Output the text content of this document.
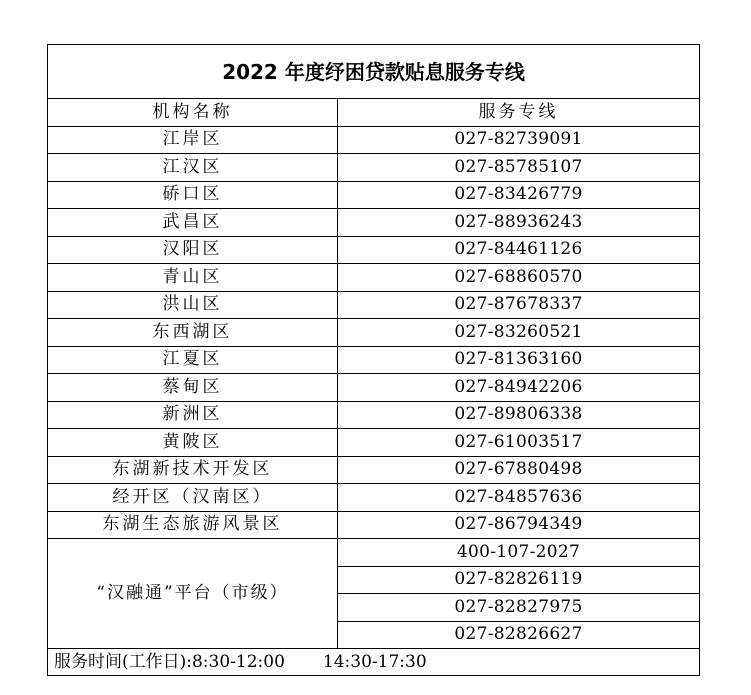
2022 年度纾困贷款贴息服务专线	
机构名称	服务专线
江岸区	027-82739091
江汉区	027-85785107
硚口区	027-83426779
武昌区	027-88936243
汉阳区	027-84461126
青山区	027-68860570
洪山区	027-87678337
东西湖区	027-83260521
江夏区	027-81363160
蔡甸区	027-84942206
新洲区	027-89806338
黄陂区	027-61003517
东湖新技术开发区	027-67880498
经开区（汉南区）	027-84857636
东湖生态旅游风景区	027-86794349
“汉融通”平台（市级）	400-107-2027
	027-82826119
	027-82827975
	027-82826627
服务时间(工作日):8:30-12:00 14:30-17:30	
